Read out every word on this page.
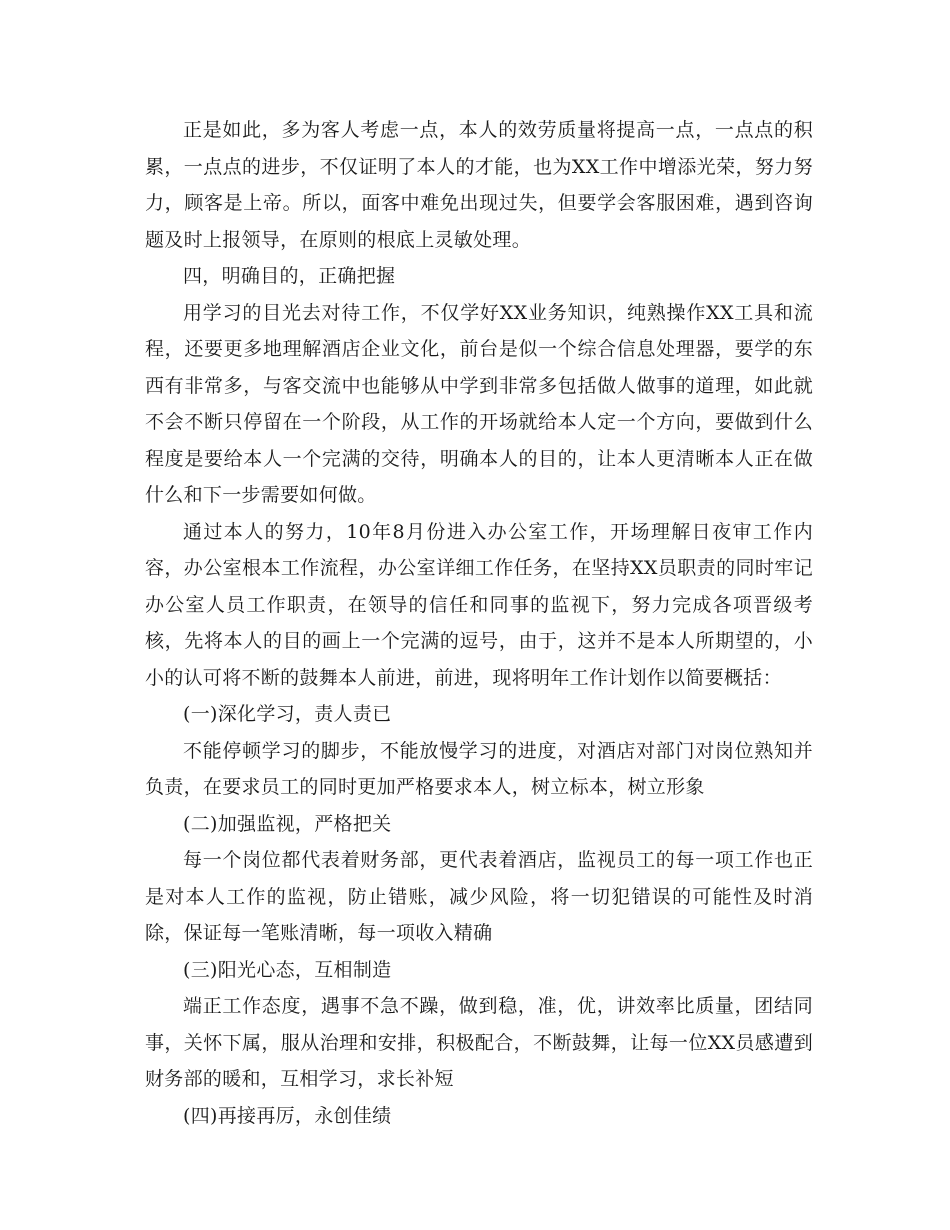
正是如此，多为客人考虑一点，本人的效劳质量将提高一点，一点点的积累，一点点的进步，不仅证明了本人的才能，也为XX工作中增添光荣，努力努力，顾客是上帝。所以，面客中难免出现过失，但要学会客服困难，遇到咨询题及时上报领导，在原则的根底上灵敏处理。

四，明确目的，正确把握

用学习的目光去对待工作，不仅学好XX业务知识，纯熟操作XX工具和流程，还要更多地理解酒店企业文化，前台是似一个综合信息处理器，要学的东西有非常多，与客交流中也能够从中学到非常多包括做人做事的道理，如此就不会不断只停留在一个阶段，从工作的开场就给本人定一个方向，要做到什么程度是要给本人一个完满的交待，明确本人的目的，让本人更清晰本人正在做什么和下一步需要如何做。

通过本人的努力，10年8月份进入办公室工作，开场理解日夜审工作内容，办公室根本工作流程，办公室详细工作任务，在坚持XX员职责的同时牢记办公室人员工作职责，在领导的信任和同事的监视下，努力完成各项晋级考核，先将本人的目的画上一个完满的逗号，由于，这并不是本人所期望的，小小的认可将不断的鼓舞本人前进，前进，现将明年工作计划作以简要概括：

(一)深化学习，责人责已

不能停顿学习的脚步，不能放慢学习的进度，对酒店对部门对岗位熟知并负责，在要求员工的同时更加严格要求本人，树立标本，树立形象

(二)加强监视，严格把关

每一个岗位都代表着财务部，更代表着酒店，监视员工的每一项工作也正是对本人工作的监视，防止错账，减少风险，将一切犯错误的可能性及时消除，保证每一笔账清晰，每一项收入精确

(三)阳光心态，互相制造

端正工作态度，遇事不急不躁，做到稳，准，优，讲效率比质量，团结同事，关怀下属，服从治理和安排，积极配合，不断鼓舞，让每一位XX员感遭到财务部的暖和，互相学习，求长补短

(四)再接再厉，永创佳绩
